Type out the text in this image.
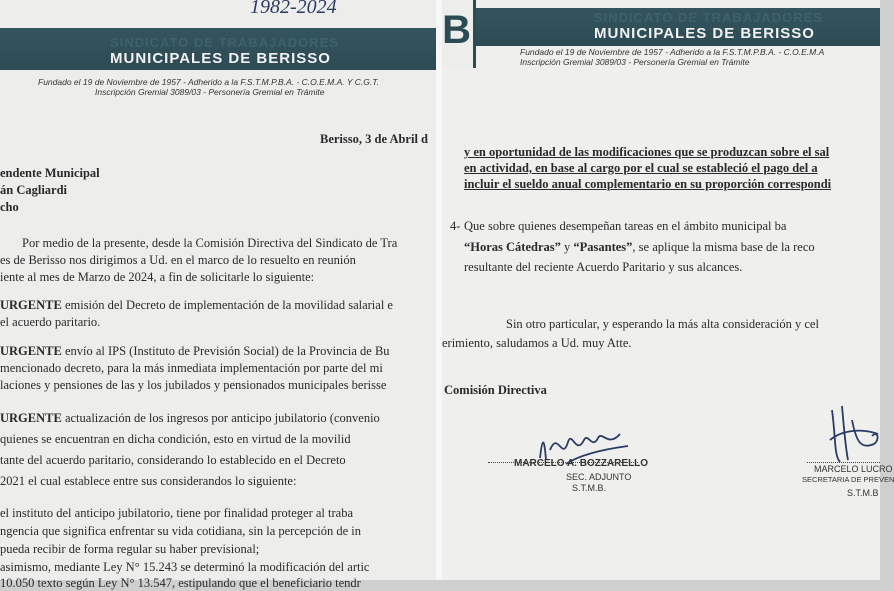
1982-2024
SINDICATO DE TRABAJADORES
MUNICIPALES DE BERISSO
Fundado el 19 de Noviembre de 1957 - Adherido a la F.S.T.M.P.B.A. - C.O.E.M.A. Y C.G.T.
Inscripción Gremial 3089/03 - Personería Gremial en Trámite
Berisso, 3 de Abril d
endente Municipal
án Cagliardi
cho
Por medio de la presente, desde la Comisión Directiva del Sindicato de Tra
es de Berisso nos dirigimos a Ud. en el marco de lo resuelto en reunión
iente al mes de Marzo de 2024, a fin de solicitarle lo siguiente:
URGENTE emisión del Decreto de implementación de la movilidad salarial e
el acuerdo paritario.
URGENTE envío al IPS (Instituto de Previsión Social) de la Provincia de Bu
mencionado decreto, para la más inmediata implementación por parte del mi
laciones y pensiones de las y los jubilados y pensionados municipales berisse
URGENTE actualización de los ingresos por anticipo jubilatorio (convenio
quienes se encuentran en dicha condición, esto en virtud de la movilid
tante del acuerdo paritario, considerando lo establecido en el Decreto
2021 el cual establece entre sus considerandos lo siguiente:
el instituto del anticipo jubilatorio, tiene por finalidad proteger al traba
ngencia que significa enfrentar su vida cotidiana, sin la percepción de in
pueda recibir de forma regular su haber previsional;
asimismo, mediante Ley N° 15.243 se determinó la modificación del artic
10.050 texto según Ley N° 13.547, estipulando que el beneficiario tendr
B	SINDICATO DE TRABAJADORES
MUNICIPALES DE BERISSO
Fundado el 19 de Noviembre de 1957 - Adherido a la F.S.T.M.P.B.A. - C.O.E.M.A
Inscripción Gremial 3089/03 - Personería Gremial en Trámite
y en oportunidad de las modificaciones que se produzcan sobre el sal
en actividad, en base al cargo por el cual se estableció el pago del a
incluir el sueldo anual complementario en su proporción correspondi
4- Que sobre quienes desempeñan tareas en el ámbito municipal ba
“Horas Cátedras” y “Pasantes”, se aplique la misma base de la reco
resultante del reciente Acuerdo Paritario y sus alcances.
Sin otro particular, y esperando la más alta consideración y cel
erimiento, saludamos a Ud. muy Atte.
Comisión Directiva
MARCELO A. BOZZARELLO
SEC. ADJUNTO
S.T.M.B.
MARCELO LUCRO
SECRETARIA DE PREVEN
S.T.M.B
